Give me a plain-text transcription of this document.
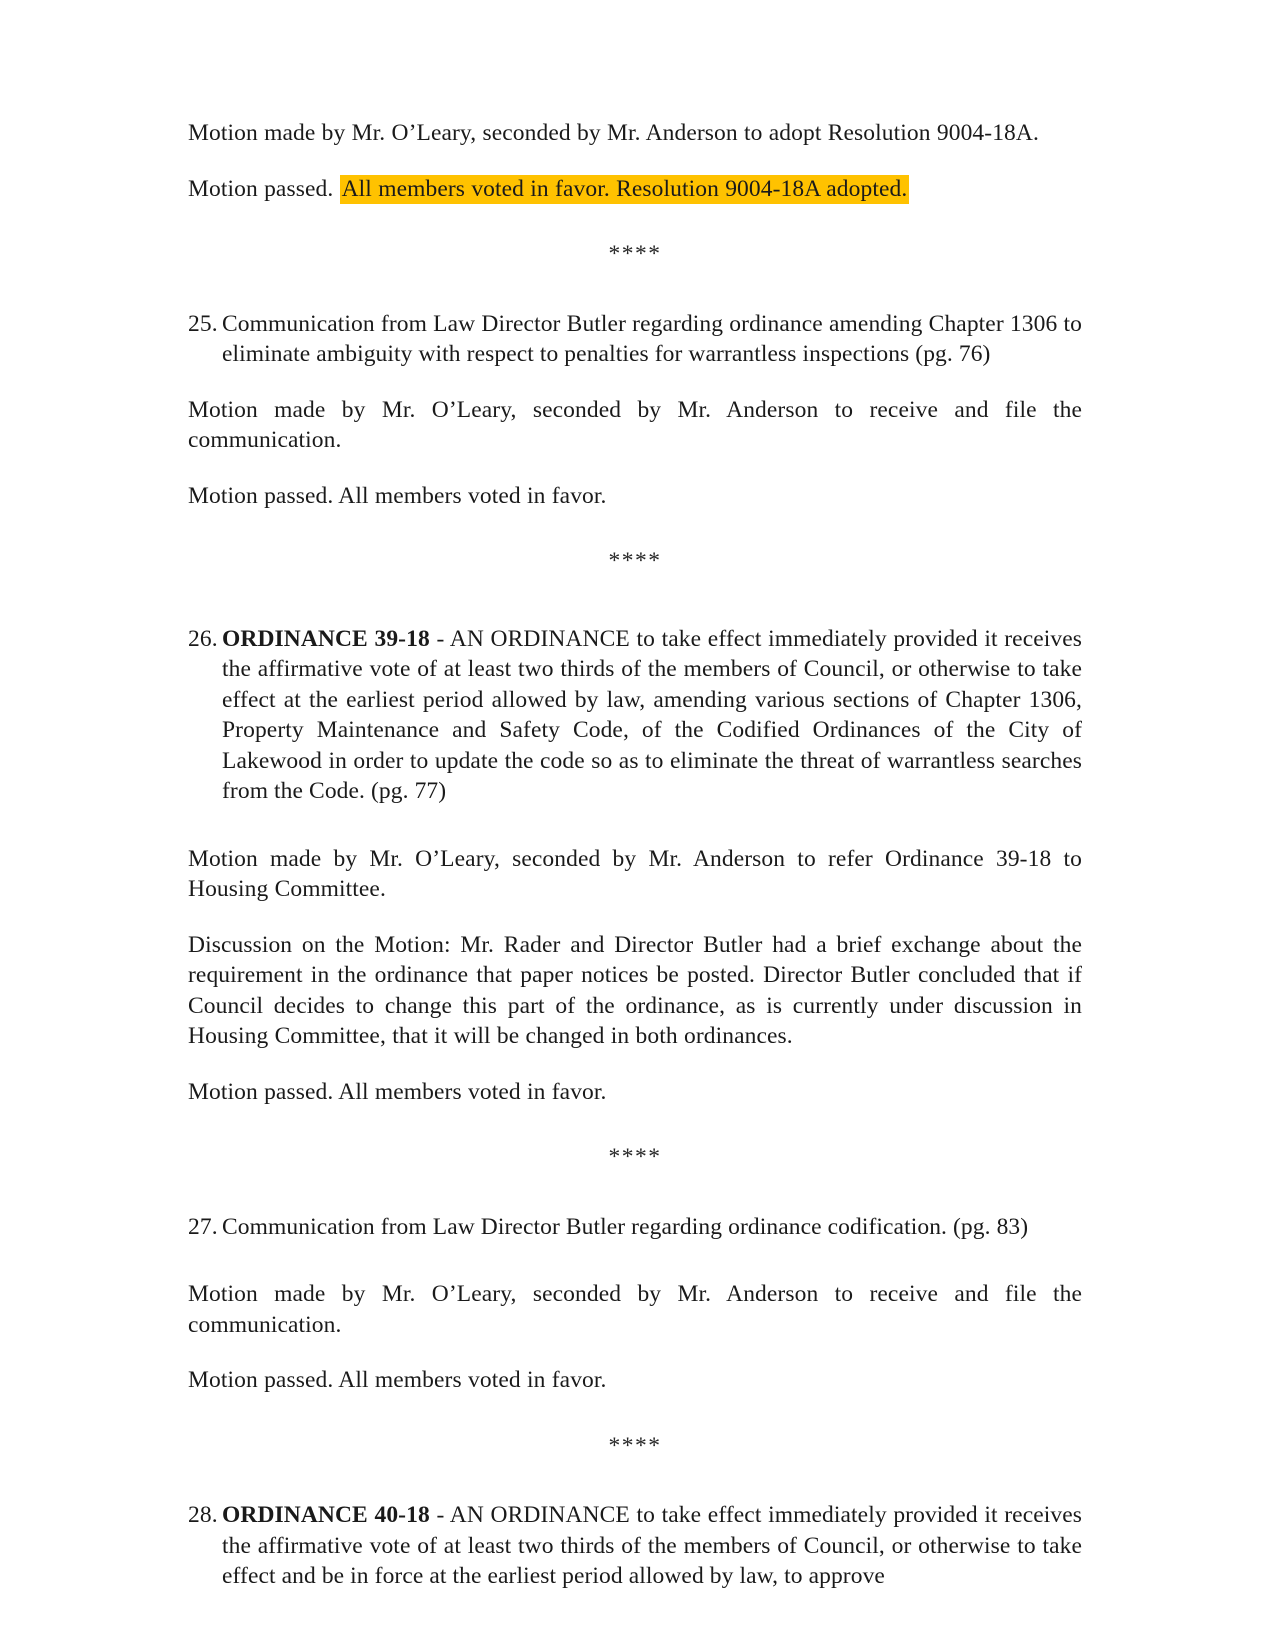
Motion made by Mr. O’Leary, seconded by Mr. Anderson to adopt Resolution 9004-18A.

Motion passed. All members voted in favor. Resolution 9004-18A adopted.

****
25. Communication from Law Director Butler regarding ordinance amending Chapter 1306 to eliminate ambiguity with respect to penalties for warrantless inspections (pg. 76)

Motion made by Mr. O’Leary, seconded by Mr. Anderson to receive and file the communication.

Motion passed. All members voted in favor.

****
26. ORDINANCE 39-18 - AN ORDINANCE to take effect immediately provided it receives the affirmative vote of at least two thirds of the members of Council, or otherwise to take effect at the earliest period allowed by law, amending various sections of Chapter 1306, Property Maintenance and Safety Code, of the Codified Ordinances of the City of Lakewood in order to update the code so as to eliminate the threat of warrantless searches from the Code. (pg. 77)

Motion made by Mr. O’Leary, seconded by Mr. Anderson to refer Ordinance 39-18 to Housing Committee.

Discussion on the Motion: Mr. Rader and Director Butler had a brief exchange about the requirement in the ordinance that paper notices be posted. Director Butler concluded that if Council decides to change this part of the ordinance, as is currently under discussion in Housing Committee, that it will be changed in both ordinances.

Motion passed. All members voted in favor.

****
27. Communication from Law Director Butler regarding ordinance codification. (pg. 83)

Motion made by Mr. O’Leary, seconded by Mr. Anderson to receive and file the communication.

Motion passed. All members voted in favor.

****
28. ORDINANCE 40-18 - AN ORDINANCE to take effect immediately provided it receives the affirmative vote of at least two thirds of the members of Council, or otherwise to take effect and be in force at the earliest period allowed by law, to approve
